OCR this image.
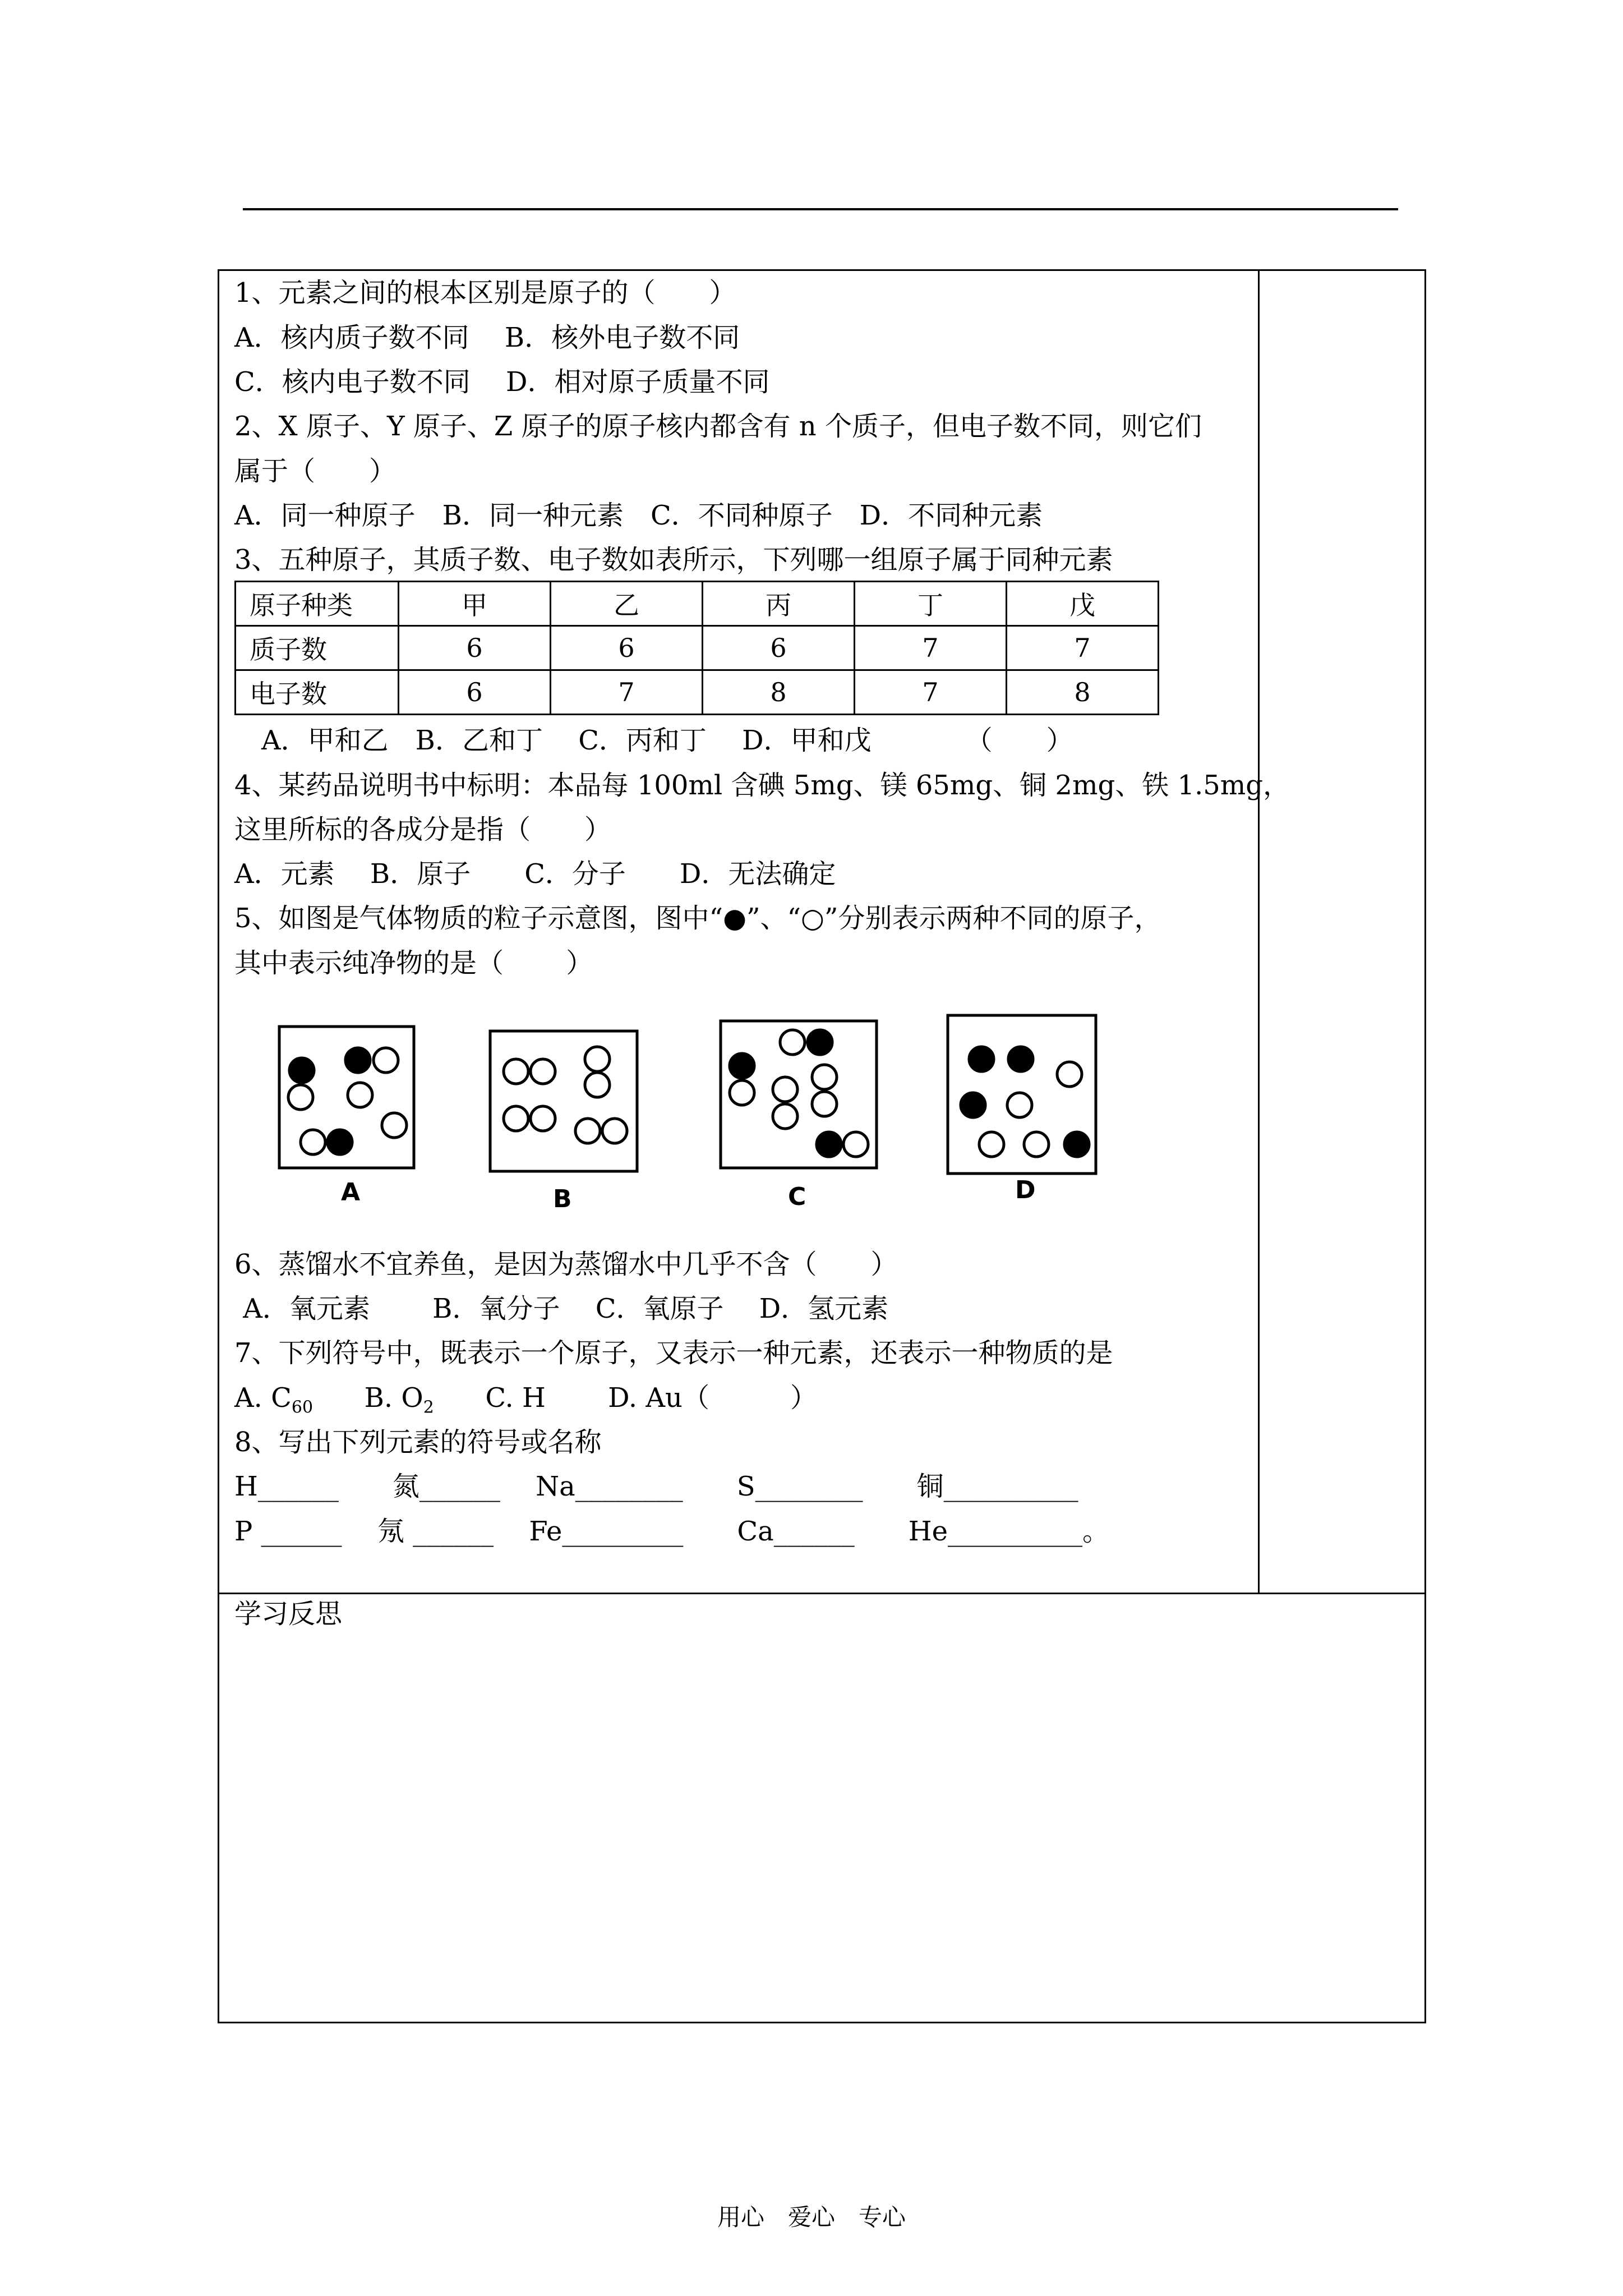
1、元素之间的根本区别是原子的（　　）
A．核内质子数不同　 B．核外电子数不同
C．核内电子数不同　 D．相对原子质量不同
2、X 原子、Y 原子、Z 原子的原子核内都含有 n 个质子，但电子数不同，则它们
属于（　　）
A．同一种原子　B．同一种元素　C．不同种原子　D．不同种元素
3、五种原子，其质子数、电子数如表所示，下列哪一组原子属于同种元素
原子种类	甲	乙	丙	丁	戊
质子数	6	6	6	7	7
电子数	6	7	8	7	8
　A．甲和乙　B．乙和丁　 C．丙和丁　 D．甲和戊　　　　（　　）
4、某药品说明书中标明：本品每 100ml 含碘 5mg、镁 65mg、铜 2mg、铁 1.5mg，
这里所标的各成分是指（　　）
A．元素　 B．原子　　C．分子　　D．无法确定
5、如图是气体物质的粒子示意图，图中“●”、“○”分别表示两种不同的原子，
其中表示纯净物的是（　　 ）
A	B	C	D
6、蒸馏水不宜养鱼，是因为蒸馏水中几乎不含（　　）
A．氧元素　　 B．氧分子　 C．氧原子　 D．氢元素
7、下列符号中，既表示一个原子，又表示一种元素，还表示一种物质的是
A. $C_{60}$ B. $O_2$ C. H　　 D. Au（　　　）
8、写出下列元素的符号或名称
H______　　氮______　 Na________　　S________　　铜__________
P ______　 氖 ______　 Fe_________　　Ca______　　He__________。
学习反思
用心　爱心　专心
